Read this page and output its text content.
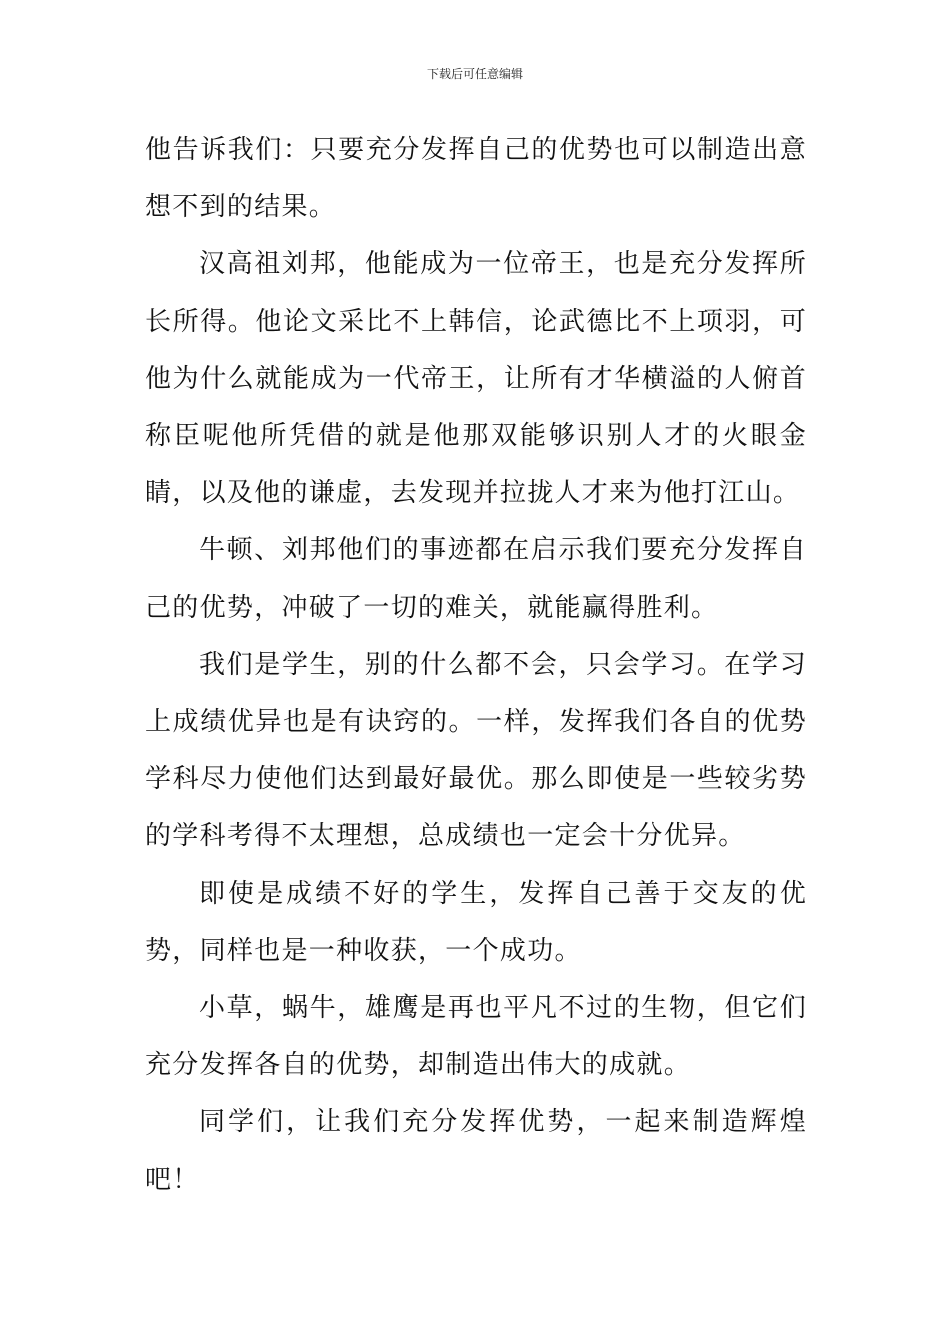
下载后可任意编辑

他告诉我们：只要充分发挥自己的优势也可以制造出意想不到的结果。

汉高祖刘邦，他能成为一位帝王，也是充分发挥所长所得。他论文采比不上韩信，论武德比不上项羽，可他为什么就能成为一代帝王，让所有才华横溢的人俯首称臣呢他所凭借的就是他那双能够识别人才的火眼金睛，以及他的谦虚，去发现并拉拢人才来为他打江山。

牛顿、刘邦他们的事迹都在启示我们要充分发挥自己的优势，冲破了一切的难关，就能赢得胜利。

我们是学生，别的什么都不会，只会学习。在学习上成绩优异也是有诀窍的。一样，发挥我们各自的优势学科尽力使他们达到最好最优。那么即使是一些较劣势的学科考得不太理想，总成绩也一定会十分优异。

即使是成绩不好的学生，发挥自己善于交友的优势，同样也是一种收获，一个成功。

小草，蜗牛，雄鹰是再也平凡不过的生物，但它们充分发挥各自的优势，却制造出伟大的成就。

同学们，让我们充分发挥优势，一起来制造辉煌吧！
